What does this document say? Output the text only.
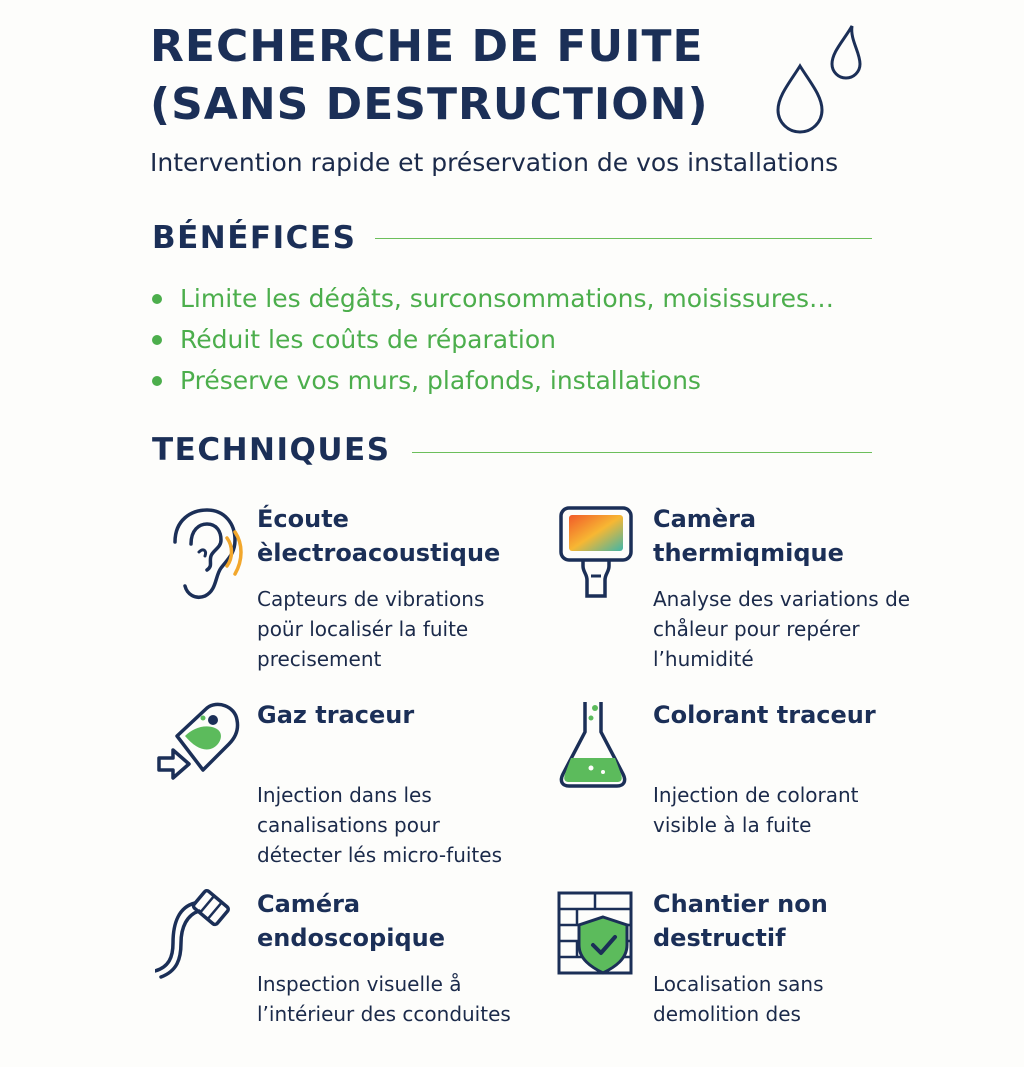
RECHERCHE DE FUITE (SANS DESTRUCTION)
Intervention rapide et préservation de vos installations
BÉNÉFICES
Limite les dégâts, surconsommations, moisissures…
Réduit les coûts de réparation
Préserve vos murs, plafonds, installations
TECHNIQUES
Écoute èlectroacoustique
Capteurs de vibrations poür localisér la fuite precisement
Camèra thermiqmique
Analyse des variations de chåleur pour repérer l’humidité
Gaz traceur
Injection dans les canalisations pour détecter lés micro-fuites
Colorant traceur
Injection de colorant visible à la fuite
Caméra endoscopique
Inspection visuelle å l’intérieur des cconduites
Chantier non destructif
Localisation sans demolition des
